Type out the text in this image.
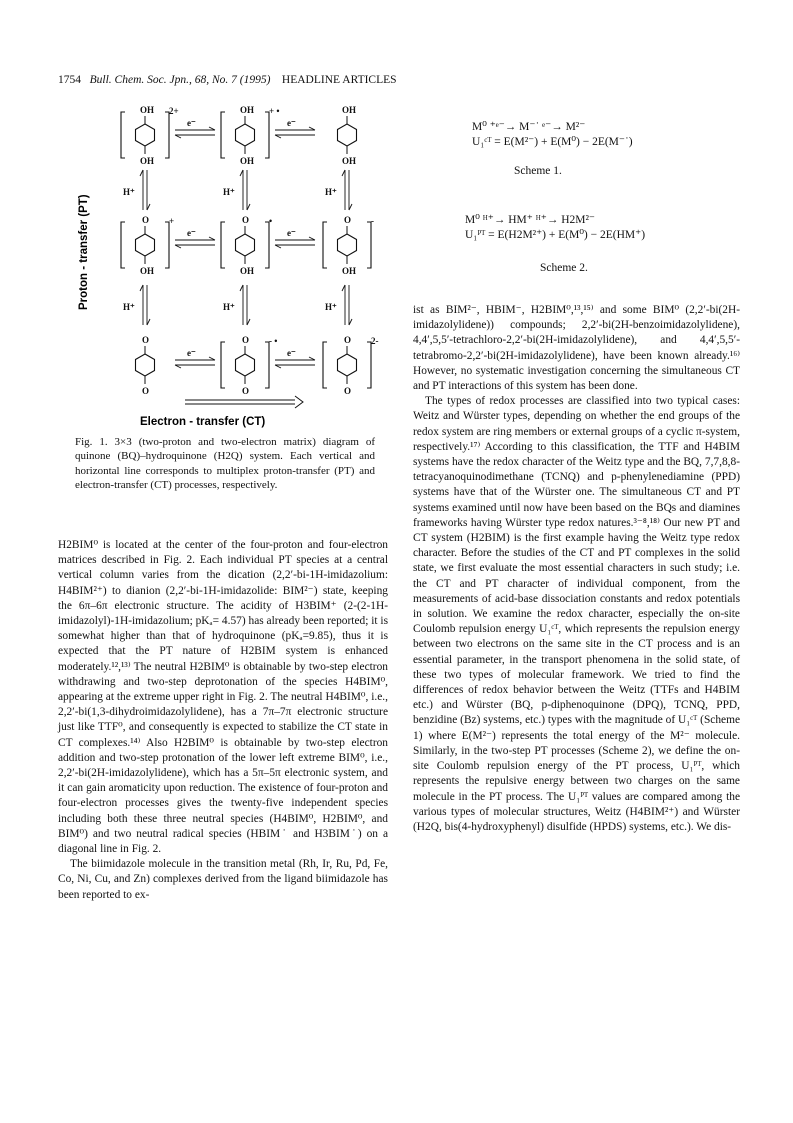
1754 Bull. Chem. Soc. Jpn., 68, No. 7 (1995) HEADLINE ARTICLES
OH
OH
OH
OH
OH
OH
O
OH
O
OH
O
OH
O
O
O
O
O
O
2+	+ •
+	•	-
- •	2-
e⁻	e⁻
e⁻	e⁻
e⁻	e⁻
H⁺	H⁺	H⁺
H⁺	H⁺	H⁺
Electron - transfer (CT)
Proton - transfer (PT)
Fig. 1. 3×3 (two-proton and two-electron matrix) diagram of quinone (BQ)–hydroquinone (H2Q) system. Each vertical and horizontal line corresponds to multiplex proton-transfer (PT) and electron-transfer (CT) processes, respectively.
M⁰ ⁺ᵉ⁻→ M⁻˙ ᵉ⁻→ M²⁻
U₁ᶜᵀ = E(M²⁻) + E(M⁰) − 2E(M⁻˙)
Scheme 1.
M⁰ ᴴ⁺→ HM⁺ ᴴ⁺→ H2M²⁻
U₁ᴾᵀ = E(H2M²⁺) + E(M⁰) − 2E(HM⁺)
Scheme 2.

H2BIM⁰ is located at the center of the four-proton and four-electron matrices described in Fig. 2. Each individual PT species at a central vertical column varies from the dication (2,2′-bi-1H-imidazolium: H4BIM²⁺) to dianion (2,2′-bi-1H-imidazolide: BIM²⁻) state, keeping the 6π–6π electronic structure. The acidity of H3BIM⁺ (2-(2-1H-imidazolyl)-1H-imidazolium; pKₐ= 4.57) has already been reported; it is somewhat higher than that of hydroquinone (pKₐ=9.85), thus it is expected that the PT nature of H2BIM system is enhanced moderately.¹²,¹³⁾ The neutral H2BIM⁰ is obtainable by two-step electron withdrawing and two-step deprotonation of the species H4BIM⁰, appearing at the extreme upper right in Fig. 2. The neutral H4BIM⁰, i.e., 2,2′-bi(1,3-dihydroimidazolylidene), has a 7π–7π electronic structure just like TTF⁰, and consequently is expected to stabilize the CT state in CT complexes.¹⁴⁾ Also H2BIM⁰ is obtainable by two-step electron addition and two-step protonation of the lower left extreme BIM⁰, i.e., 2,2′-bi(2H-imidazolylidene), which has a 5π–5π electronic system, and it can gain aromaticity upon reduction. The existence of four-proton and four-electron processes gives the twenty-five independent species including both these three neutral species (H4BIM⁰, H2BIM⁰, and BIM⁰) and two neutral radical species (HBIM˙ and H3BIM˙) on a diagonal line in Fig. 2.

The biimidazole molecule in the transition metal (Rh, Ir, Ru, Pd, Fe, Co, Ni, Cu, and Zn) complexes derived from the ligand biimidazole has been reported to ex-

ist as BIM²⁻, HBIM⁻, H2BIM⁰,¹³,¹⁵⁾ and some BIM⁰ (2,2′-bi(2H-imidazolylidene)) compounds; 2,2′-bi(2H-benzoimidazolylidene), 4,4′,5,5′-tetrachloro-2,2′-bi(2H-imidazolylidene), and 4,4′,5,5′-tetrabromo-2,2′-bi(2H-imidazolylidene), have been known already.¹⁶⁾ However, no systematic investigation concerning the simultaneous CT and PT interactions of this system has been done.

The types of redox processes are classified into two typical cases: Weitz and Würster types, depending on whether the end groups of the redox system are ring members or external groups of a cyclic π-system, respectively.¹⁷⁾ According to this classification, the TTF and H4BIM systems have the redox character of the Weitz type and the BQ, 7,7,8,8-tetracyanoquinodimethane (TCNQ) and p-phenylenediamine (PPD) systems have that of the Würster one. The simultaneous CT and PT systems examined until now have been based on the BQs and diamines frameworks having Würster type redox natures.³⁻⁸,¹⁸⁾ Our new PT and CT system (H2BIM) is the first example having the Weitz type redox character. Before the studies of the CT and PT complexes in the solid state, we first evaluate the most essential characters in such study; i.e. the CT and PT character of individual component, from the measurements of acid-base dissociation constants and redox potentials in solution. We examine the redox character, especially the on-site Coulomb repulsion energy U₁ᶜᵀ, which represents the repulsion energy between two electrons on the same site in the CT process and is an essential parameter, in the transport phenomena in the solid state, of these two types of molecular framework. We tried to find the differences of redox behavior between the Weitz (TTFs and H4BIM etc.) and Würster (BQ, p-diphenoquinone (DPQ), TCNQ, PPD, benzidine (Bz) systems, etc.) types with the magnitude of U₁ᶜᵀ (Scheme 1) where E(M²⁻) represents the total energy of the M²⁻ molecule. Similarly, in the two-step PT processes (Scheme 2), we define the on-site Coulomb repulsion energy of the PT process, U₁ᴾᵀ, which represents the repulsive energy between two charges on the same molecule in the PT process. The U₁ᴾᵀ values are compared among the various types of molecular structures, Weitz (H4BIM²⁺) and Würster (H2Q, bis(4-hydroxyphenyl) disulfide (HPDS) systems, etc.). We dis-
